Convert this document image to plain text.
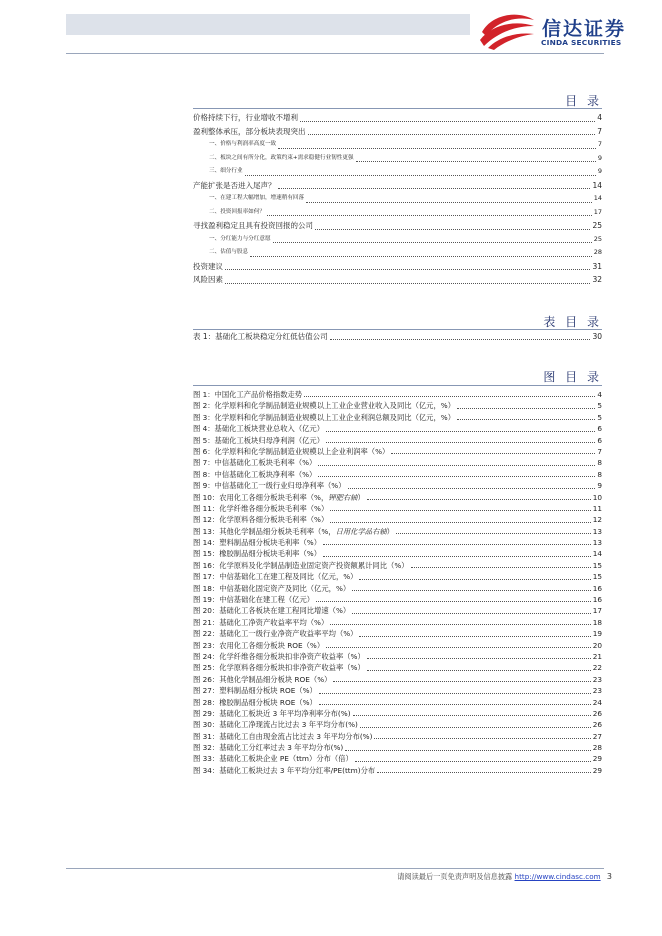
信达证券
CINDA SECURITIES
目 录
价格持续下行，行业增收不增利	4
盈利整体承压，部分板块表现突出	7
一、价格与利润率高度一致	7
二、板块之间有所分化，政策约束+需求稳健行业韧性更强	9
三、细分行业	9
产能扩张是否进入尾声？	14
一、在建工程大幅增加，增速稍有回落	14
二、投资回报率如何？	17
寻找盈利稳定且具有投资回报的公司	25
一、分红能力与分红意愿	25
二、估值与股息	28
投资建议	31
风险因素	32
表 目 录
表 1：基础化工板块稳定分红低估值公司	30
图 目 录
图 1：中国化工产品价格指数走势	4
图 2：化学原料和化学制品制造业规模以上工业企业营业收入及同比（亿元，%）	5
图 3：化学原料和化学制品制造业规模以上工业企业利润总额及同比（亿元，%）	5
图 4：基础化工板块营业总收入（亿元）	6
图 5：基础化工板块归母净利润（亿元）	6
图 6：化学原料和化学制品制造业规模以上企业利润率（%）	7
图 7：中信基础化工板块毛利率（%）	8
图 8：中信基础化工板块净利率（%）	8
图 9：中信基础化工一级行业归母净利率（%）	9
图 10：农用化工各细分板块毛利率（%，钾肥右轴）	10
图 11：化学纤维各细分板块毛利率（%）	11
图 12：化学原料各细分板块毛利率（%）	12
图 13：其他化学制品细分板块毛利率（%，日用化学品右轴）	13
图 14：塑料制品细分板块毛利率（%）	13
图 15：橡胶制品细分板块毛利率（%）	14
图 16：化学原料及化学制品制造业固定资产投资额累计同比（%）	15
图 17：中信基础化工在建工程及同比（亿元，%）	15
图 18：中信基础化固定资产及同比（亿元，%）	16
图 19：中信基础化在建工程（亿元）	16
图 20：基础化工各板块在建工程同比增速（%）	17
图 21：基础化工净资产收益率平均（%）	18
图 22：基础化工一级行业净资产收益率平均（%）	19
图 23：农用化工各细分板块 ROE（%）	20
图 24：化学纤维各细分板块扣非净资产收益率（%）	21
图 25：化学原料各细分板块扣非净资产收益率（%）	22
图 26：其他化学制品细分板块 ROE（%）	23
图 27：塑料制品细分板块 ROE（%）	23
图 28：橡胶制品细分板块 ROE（%）	24
图 29：基础化工板块近 3 年平均净利率分布(%)	26
图 30：基础化工净现流占比过去 3 年平均分布(%)	26
图 31：基础化工自由现金流占比过去 3 年平均分布(%)	27
图 32：基础化工分红率过去 3 年平均分布(%)	28
图 33：基础化工板块企业 PE（ttm）分布（倍）	29
图 34：基础化工板块过去 3 年平均分红率/PE(ttm)分布	29
请阅读最后一页免责声明及信息披露 http://www.cindasc.com 3
